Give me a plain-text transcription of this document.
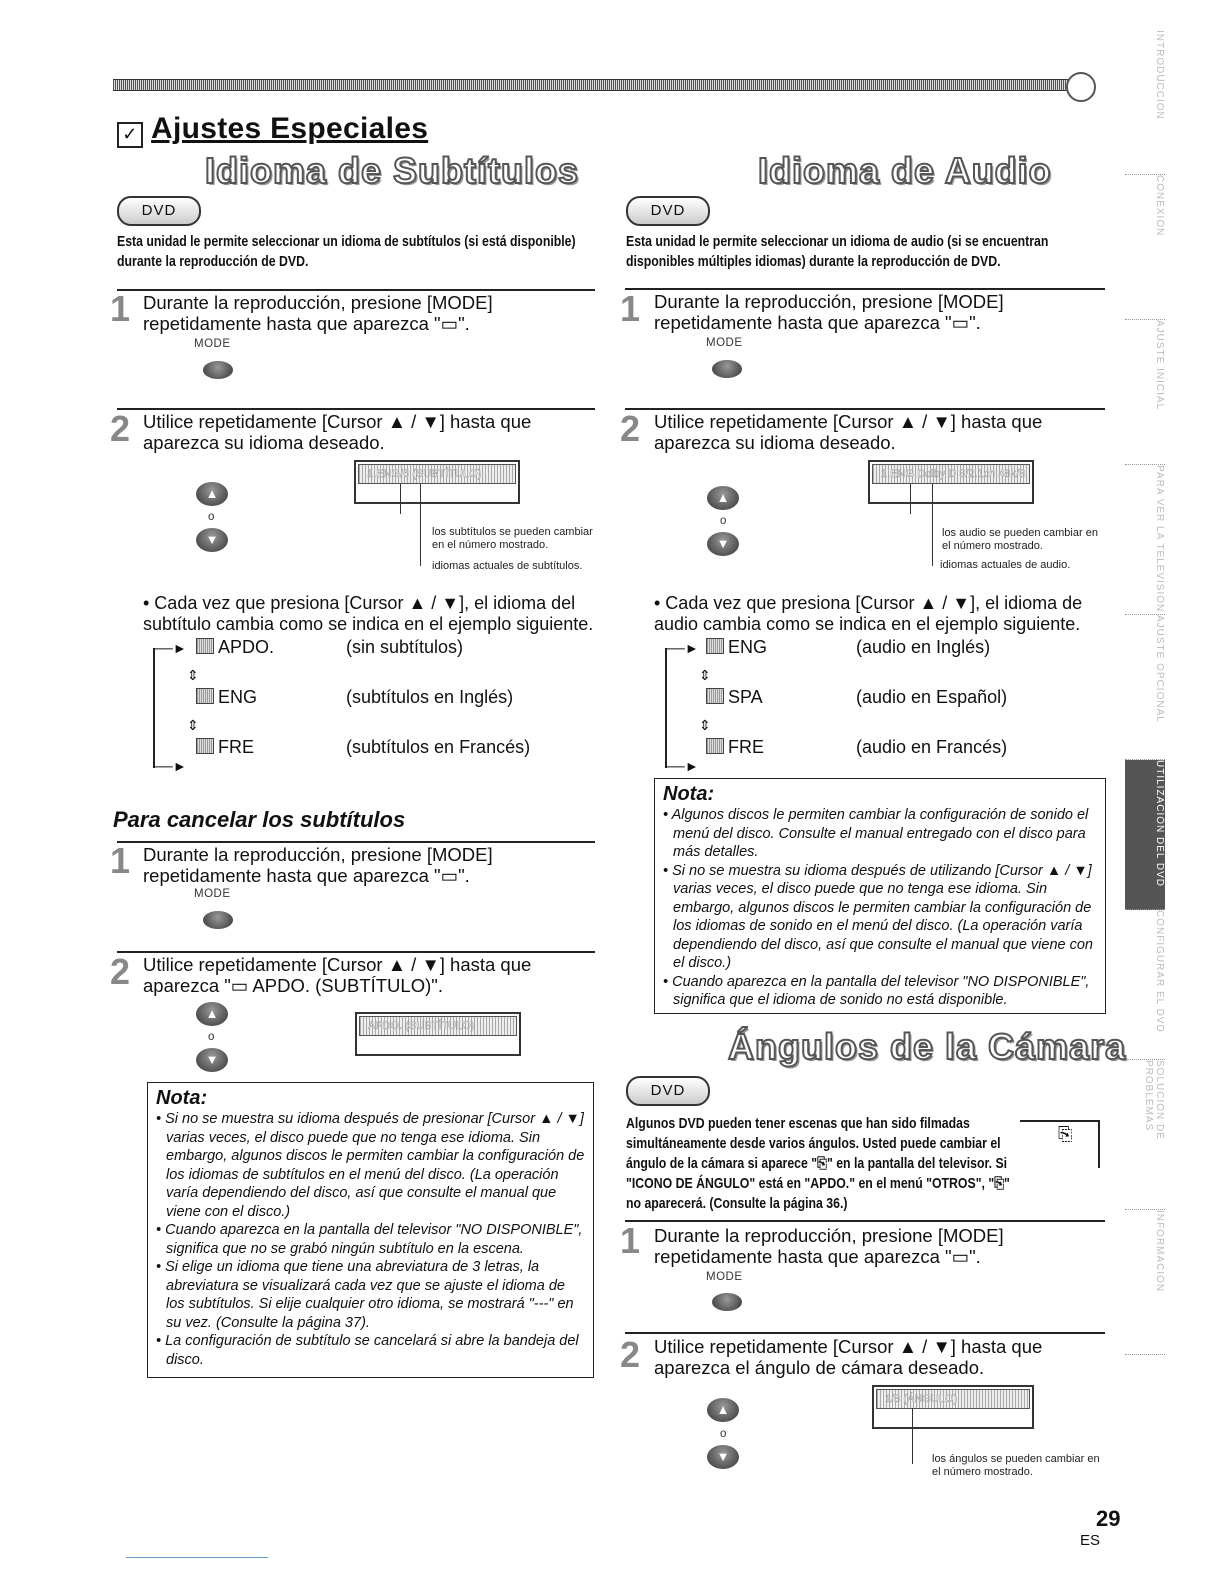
✓ Ajustes Especiales
INTRODUCCIÓN
CONEXIÓN
AJUSTE INICIAL
PARA VER LA TELEVISIÓN
AJUSTE OPCIONAL
UTILIZACIÓN DEL DVD
CONFIGURAR EL DVD
SOLUCIÓN DE PROBLEMAS
INFORMACIÓN
Idioma de Subtítulos
DVD
Esta unidad le permite seleccionar un idioma de subtítulos (si está disponible) durante la reproducción de DVD.
1 Durante la reproducción, presione [MODE] repetidamente hasta que aparezca "▭".
MODE
2 Utilice repetidamente [Cursor ▲ / ▼] hasta que aparezca su idioma deseado.
▲
o
▼
1.ENG/6 (SUBTÍTULO)
los subtítulos se pueden cambiar en el número mostrado.
idiomas actuales de subtítulos.
• Cada vez que presiona [Cursor ▲ / ▼], el idioma del subtítulo cambia como se indica en el ejemplo siguiente.
──►
──►
⇕
⇕
APDO.	(sin subtítulos)
ENG	(subtítulos en Inglés)
FRE	(subtítulos en Francés)
Para cancelar los subtítulos
1 Durante la reproducción, presione [MODE] repetidamente hasta que aparezca "▭".
MODE
2 Utilice repetidamente [Cursor ▲ / ▼] hasta que aparezca "▭ APDO. (SUBTÍTULO)".
▲
o
▼
APDO. (SUBTÍTULO)
Nota:
• Si no se muestra su idioma después de presionar [Cursor ▲ / ▼] varias veces, el disco puede que no tenga ese idioma. Sin embargo, algunos discos le permiten cambiar la configuración de los idiomas de subtítulos en el menú del disco. (La operación varía dependiendo del disco, así que consulte el manual que viene con el disco.)
• Cuando aparezca en la pantalla del televisor "NO DISPONIBLE", significa que no se grabó ningún subtítulo en la escena.
• Si elige un idioma que tiene una abreviatura de 3 letras, la abreviatura se visualizará cada vez que se ajuste el idioma de los subtítulos. Si elije cualquier otro idioma, se mostrará "---" en su vez. (Consulte la página 37).
• La configuración de subtítulo se cancelará si abre la bandeja del disco.
Idioma de Audio
DVD
Esta unidad le permite seleccionar un idioma de audio (si se encuentran disponibles múltiples idiomas) durante la reproducción de DVD.
1 Durante la reproducción, presione [MODE] repetidamente hasta que aparezca "▭".
MODE
2 Utilice repetidamente [Cursor ▲ / ▼] hasta que aparezca su idioma deseado.
▲
o
▼
1.ENG Dolby D 3/2.1ch 48k/3
los audio se pueden cambiar en el número mostrado.
idiomas actuales de audio.
• Cada vez que presiona [Cursor ▲ / ▼], el idioma de audio cambia como se indica en el ejemplo siguiente.
──►
──►
⇕
⇕
ENG	(audio en Inglés)
SPA	(audio en Español)
FRE	(audio en Francés)
Nota:
• Algunos discos le permiten cambiar la configuración de sonido el menú del disco. Consulte el manual entregado con el disco para más detalles.
• Si no se muestra su idioma después de utilizando [Cursor ▲ / ▼] varias veces, el disco puede que no tenga ese idioma. Sin embargo, algunos discos le permiten cambiar la configuración de los idiomas de sonido en el menú del disco. (La operación varía dependiendo del disco, así que consulte el manual que viene con el disco.)
• Cuando aparezca en la pantalla del televisor "NO DISPONIBLE", significa que el idioma de sonido no está disponible.
Ángulos de la Cámara
DVD
Algunos DVD pueden tener escenas que han sido filmadas simultáneamente desde varios ángulos. Usted puede cambiar el ángulo de la cámara si aparece "⎘" en la pantalla del televisor. Si "ICONO DE ÁNGULO" está en "APDO." en el menú "OTROS", "⎘" no aparecerá. (Consulte la página 36.)
⎘
1 Durante la reproducción, presione [MODE] repetidamente hasta que aparezca "▭".
MODE
2 Utilice repetidamente [Cursor ▲ / ▼] hasta que aparezca el ángulo de cámara deseado.
▲
o
▼
1/8 (ÁNGULO)
los ángulos se pueden cambiar en el número mostrado.
29
ES
